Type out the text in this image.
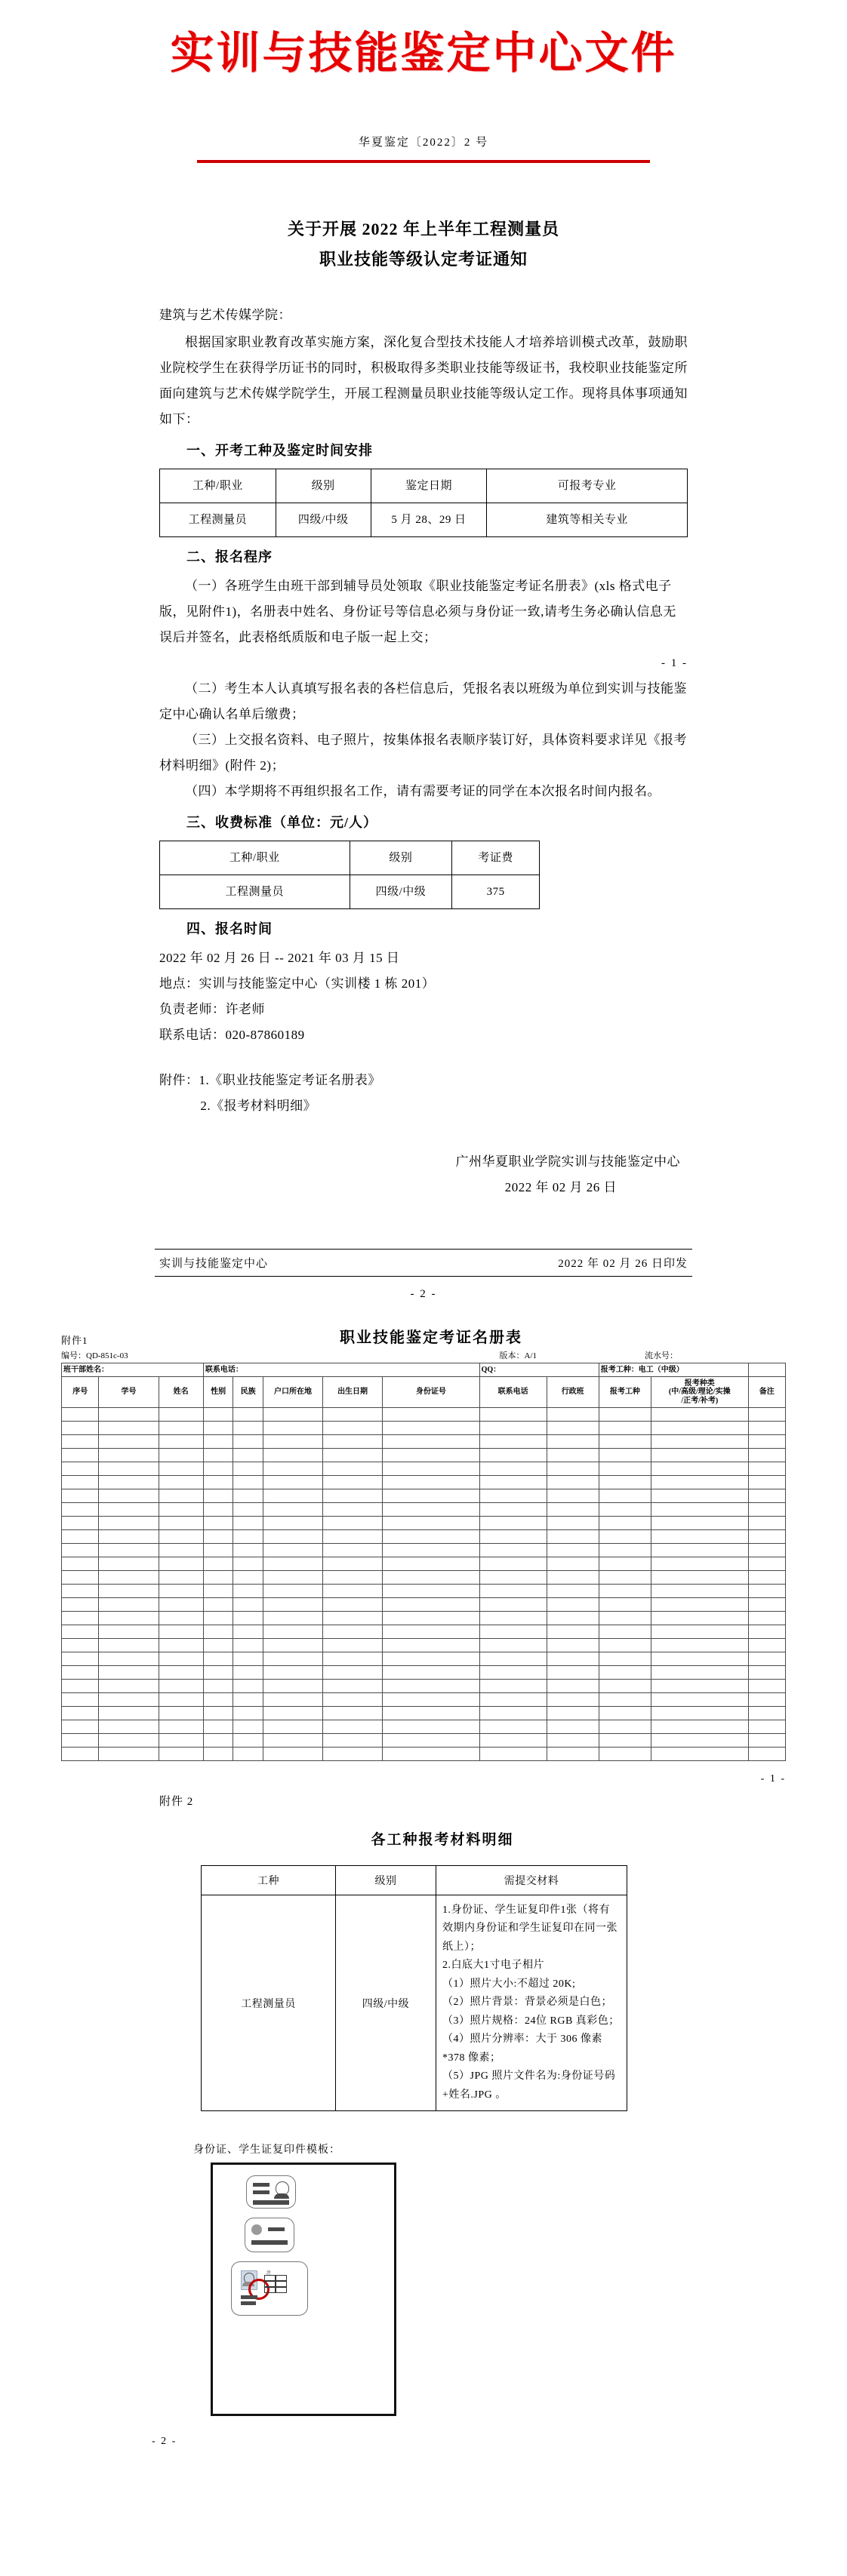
实训与技能鉴定中心文件
华夏鉴定〔2022〕2 号
关于开展 2022 年上半年工程测量员
职业技能等级认定考证通知

建筑与艺术传媒学院：

根据国家职业教育改革实施方案，深化复合型技术技能人才培养培训模式改革，鼓励职业院校学生在获得学历证书的同时，积极取得多类职业技能等级证书，我校职业技能鉴定所面向建筑与艺术传媒学院学生，开展工程测量员职业技能等级认定工作。现将具体事项通知如下：

一、开考工种及鉴定时间安排
工种/职业	级别	鉴定日期	可报考专业
工程测量员	四级/中级	5 月 28、29 日	建筑等相关专业
二、报名程序

（一）各班学生由班干部到辅导员处领取《职业技能鉴定考证名册表》(xls 格式电子版，见附件1)，名册表中姓名、身份证号等信息必须与身份证一致,请考生务必确认信息无误后并签名，此表格纸质版和电子版一起上交；

- 1 -

（二）考生本人认真填写报名表的各栏信息后，凭报名表以班级为单位到实训与技能鉴定中心确认名单后缴费；

（三）上交报名资料、电子照片，按集体报名表顺序装订好，具体资料要求详见《报考材料明细》(附件 2)；

（四）本学期将不再组织报名工作，请有需要考证的同学在本次报名时间内报名。

三、收费标准（单位：元/人）
工种/职业	级别	考证费
工程测量员	四级/中级	375
四、报名时间

2022 年 02 月 26 日 -- 2021 年 03 月 15 日

地点：实训与技能鉴定中心（实训楼 1 栋 201）

负责老师：许老师

联系电话：020-87860189

附件：1.《职业技能鉴定考证名册表》

2.《报考材料明细》

广州华夏职业学院实训与技能鉴定中心
2022 年 02 月 26 日
实训与技能鉴定中心	2022 年 02 月 26 日印发
- 2 -
附件1	职业技能鉴定考证名册表
编号：QD-851c-03	版本：A/1	流水号：
班干部姓名：			联系电话：					QQ：		报考工种：电工（中级）		
序号	学号	姓名	性别	民族	户口所在地	出生日期	身份证号	联系电话	行政班	报考工种	报考种类
(中/高级/理论/实操
/正考/补考)	备注

- 1 -

附件 2

各工种报考材料明细
工种	级别	需提交材料
工程测量员	四级/中级	1.身份证、学生证复印件1张（将有效期内身份证和学生证复印在同一张纸上）；
2.白底大1寸电子相片
（1）照片大小:不超过 20K;
（2）照片背景：背景必须是白色；（3）照片规格：24位 RGB 真彩色；（4）照片分辨率：大于 306 像素*378 像素；
（5）JPG 照片文件名为:身份证号码+姓名.JPG 。
身份证、学生证复印件模板：
注
- 2 -
